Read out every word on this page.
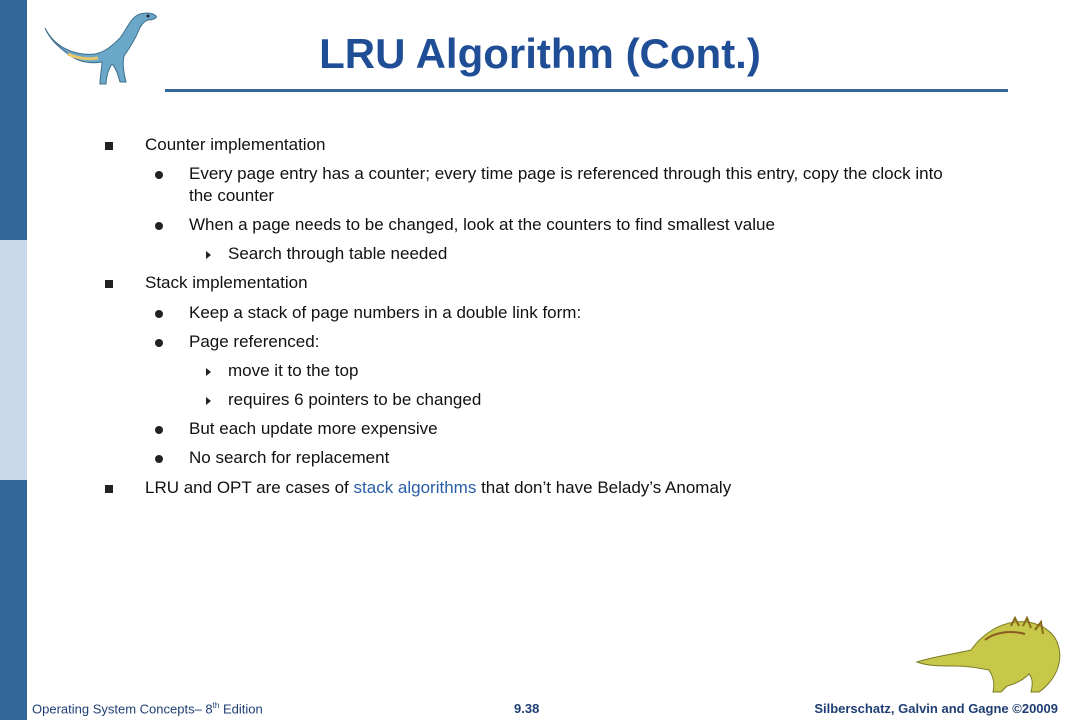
LRU Algorithm (Cont.)
Counter implementation
Every page entry has a counter; every time page is referenced through this entry, copy the clock into
the counter
When a page needs to be changed, look at the counters to find smallest value
Search through table needed
Stack implementation
Keep a stack of page numbers in a double link form:
Page referenced:
move it to the top
requires 6 pointers to be changed
But each update more expensive
No search for replacement
LRU and OPT are cases of stack algorithms that don’t have Belady’s Anomaly
Operating System Concepts– 8th Edition	9.38	Silberschatz, Galvin and Gagne ©20009
